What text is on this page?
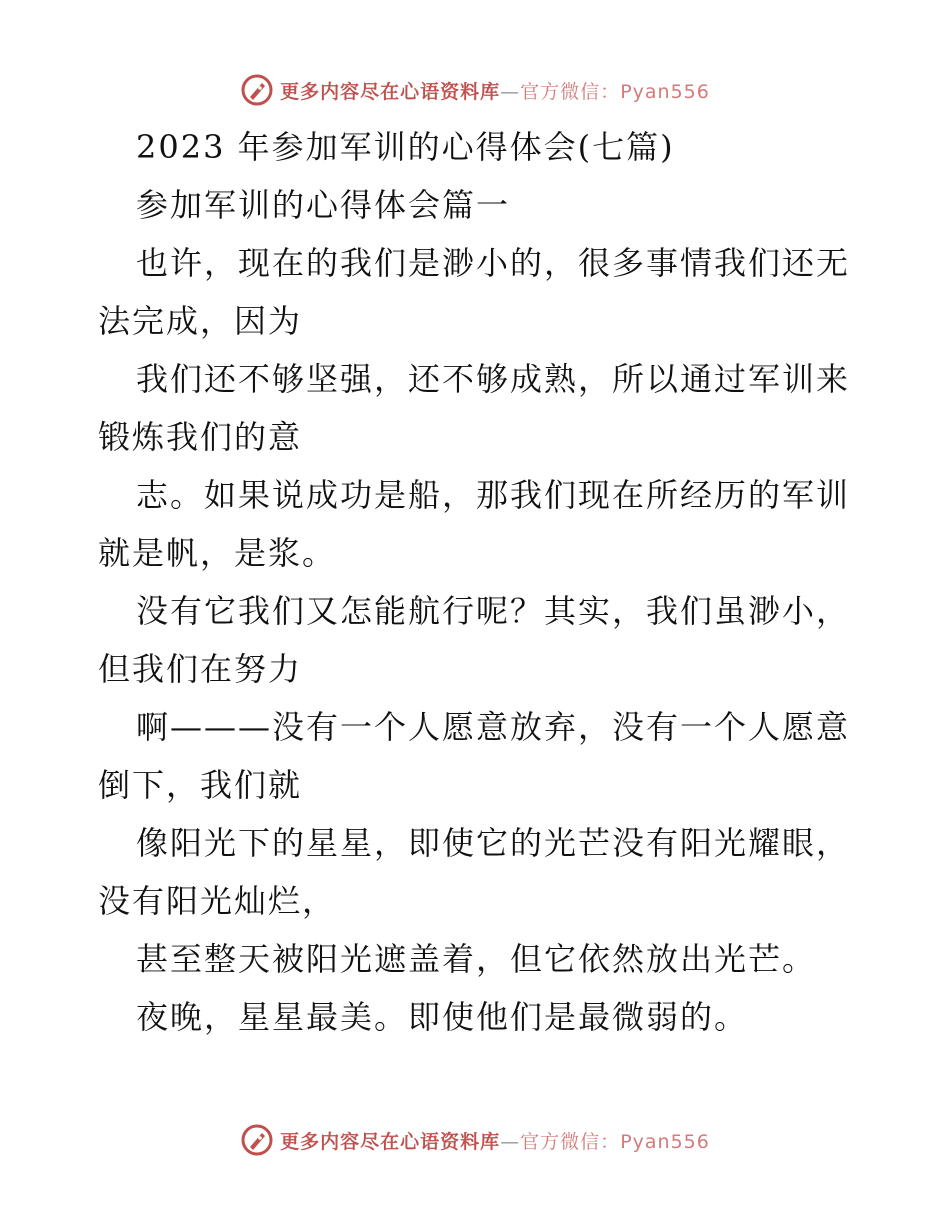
更多内容尽在心语资料库—官方微信：Pyan556
2023 年参加军训的心得体会(七篇)
参加军训的心得体会篇一
也许，现在的我们是渺小的，很多事情我们还无
法完成，因为
我们还不够坚强，还不够成熟，所以通过军训来
锻炼我们的意
志。如果说成功是船，那我们现在所经历的军训
就是帆，是浆。
没有它我们又怎能航行呢？其实，我们虽渺小，
但我们在努力
啊———没有一个人愿意放弃，没有一个人愿意
倒下，我们就
像阳光下的星星，即使它的光芒没有阳光耀眼，
没有阳光灿烂，
甚至整天被阳光遮盖着，但它依然放出光芒。
夜晚，星星最美。即使他们是最微弱的。
更多内容尽在心语资料库—官方微信：Pyan556
